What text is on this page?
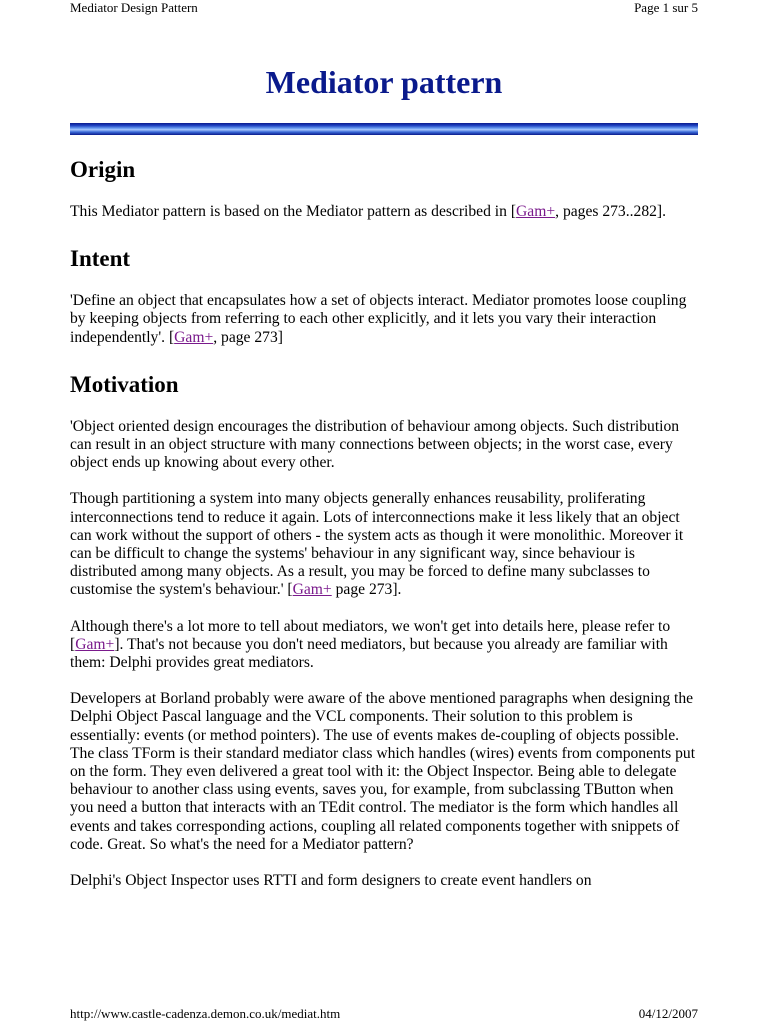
Mediator Design Pattern	Page 1 sur 5
Mediator pattern
Origin

This Mediator pattern is based on the Mediator pattern as described in [Gam+, pages 273..282].

Intent

'Define an object that encapsulates how a set of objects interact. Mediator promotes loose coupling by keeping objects from referring to each other explicitly, and it lets you vary their interaction independently'. [Gam+, page 273]

Motivation

'Object oriented design encourages the distribution of behaviour among objects. Such distribution can result in an object structure with many connections between objects; in the worst case, every object ends up knowing about every other.

Though partitioning a system into many objects generally enhances reusability, proliferating interconnections tend to reduce it again. Lots of interconnections make it less likely that an object can work without the support of others - the system acts as though it were monolithic. Moreover it can be difficult to change the systems' behaviour in any significant way, since behaviour is distributed among many objects. As a result, you may be forced to define many subclasses to customise the system's behaviour.' [Gam+ page 273].

Although there's a lot more to tell about mediators, we won't get into details here, please refer to [Gam+]. That's not because you don't need mediators, but because you already are familiar with them: Delphi provides great mediators.

Developers at Borland probably were aware of the above mentioned paragraphs when designing the Delphi Object Pascal language and the VCL components. Their solution to this problem is essentially: events (or method pointers). The use of events makes de-coupling of objects possible. The class TForm is their standard mediator class which handles (wires) events from components put on the form. They even delivered a great tool with it: the Object Inspector. Being able to delegate behaviour to another class using events, saves you, for example, from subclassing TButton when you need a button that interacts with an TEdit control. The mediator is the form which handles all events and takes corresponding actions, coupling all related components together with snippets of code. Great. So what's the need for a Mediator pattern?

Delphi's Object Inspector uses RTTI and form designers to create event handlers on

http://www.castle-cadenza.demon.co.uk/mediat.htm	04/12/2007
